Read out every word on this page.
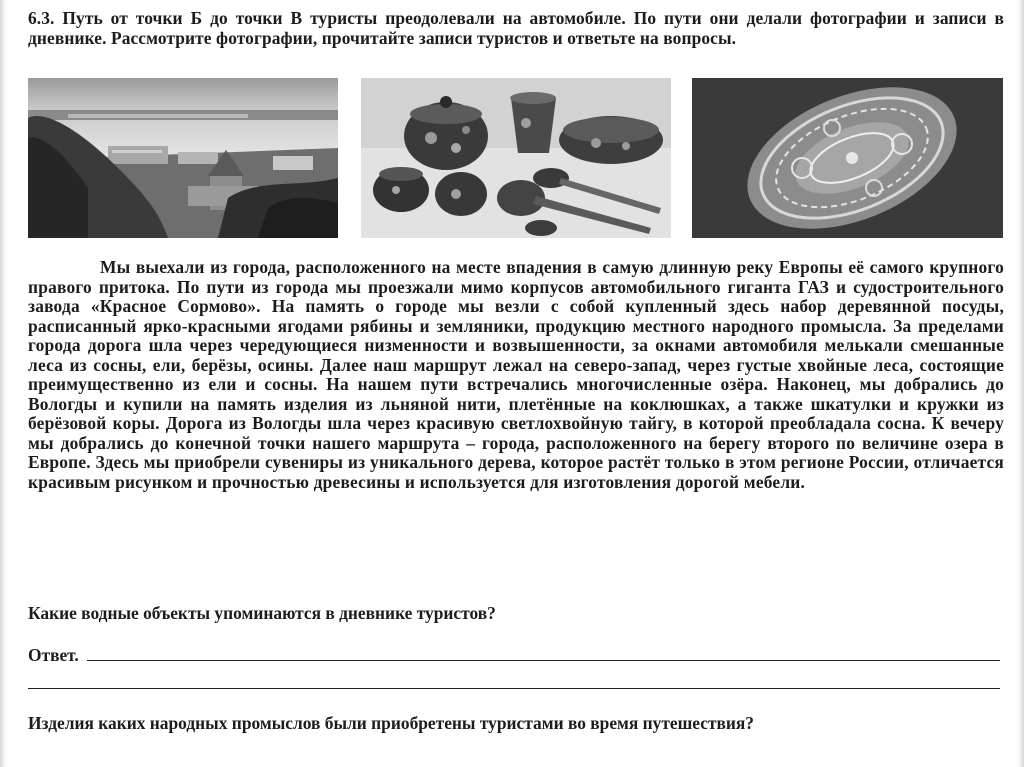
6.3. Путь от точки Б до точки В туристы преодолевали на автомобиле. По пути они делали фотографии и записи в дневнике. Рассмотрите фотографии, прочитайте записи туристов и ответьте на вопросы.

Мы выехали из города, расположенного на месте впадения в самую длинную реку Европы её самого крупного правого притока. По пути из города мы проезжали мимо корпусов автомобильного гиганта ГАЗ и судостроительного завода «Красное Сормово». На память о городе мы везли с собой купленный здесь набор деревянной посуды, расписанный ярко-красными ягодами рябины и земляники, продукцию местного народного промысла. За пределами города дорога шла через чередующиеся низменности и возвышенности, за окнами автомобиля мелькали смешанные леса из сосны, ели, берёзы, осины. Далее наш маршрут лежал на северо-запад, через густые хвойные леса, состоящие преимущественно из ели и сосны. На нашем пути встречались многочисленные озёра. Наконец, мы добрались до Вологды и купили на память изделия из льняной нити, плетённые на коклюшках, а также шкатулки и кружки из берёзовой коры. Дорога из Вологды шла через красивую светлохвойную тайгу, в которой преобладала сосна. К вечеру мы добрались до конечной точки нашего маршрута – города, расположенного на берегу второго по величине озера в Европе. Здесь мы приобрели сувениры из уникального дерева, которое растёт только в этом регионе России, отличается красивым рисунком и прочностью древесины и используется для изготовления дорогой мебели.

Какие водные объекты упоминаются в дневнике туристов?
Ответ.
Изделия каких народных промыслов были приобретены туристами во время путешествия?
